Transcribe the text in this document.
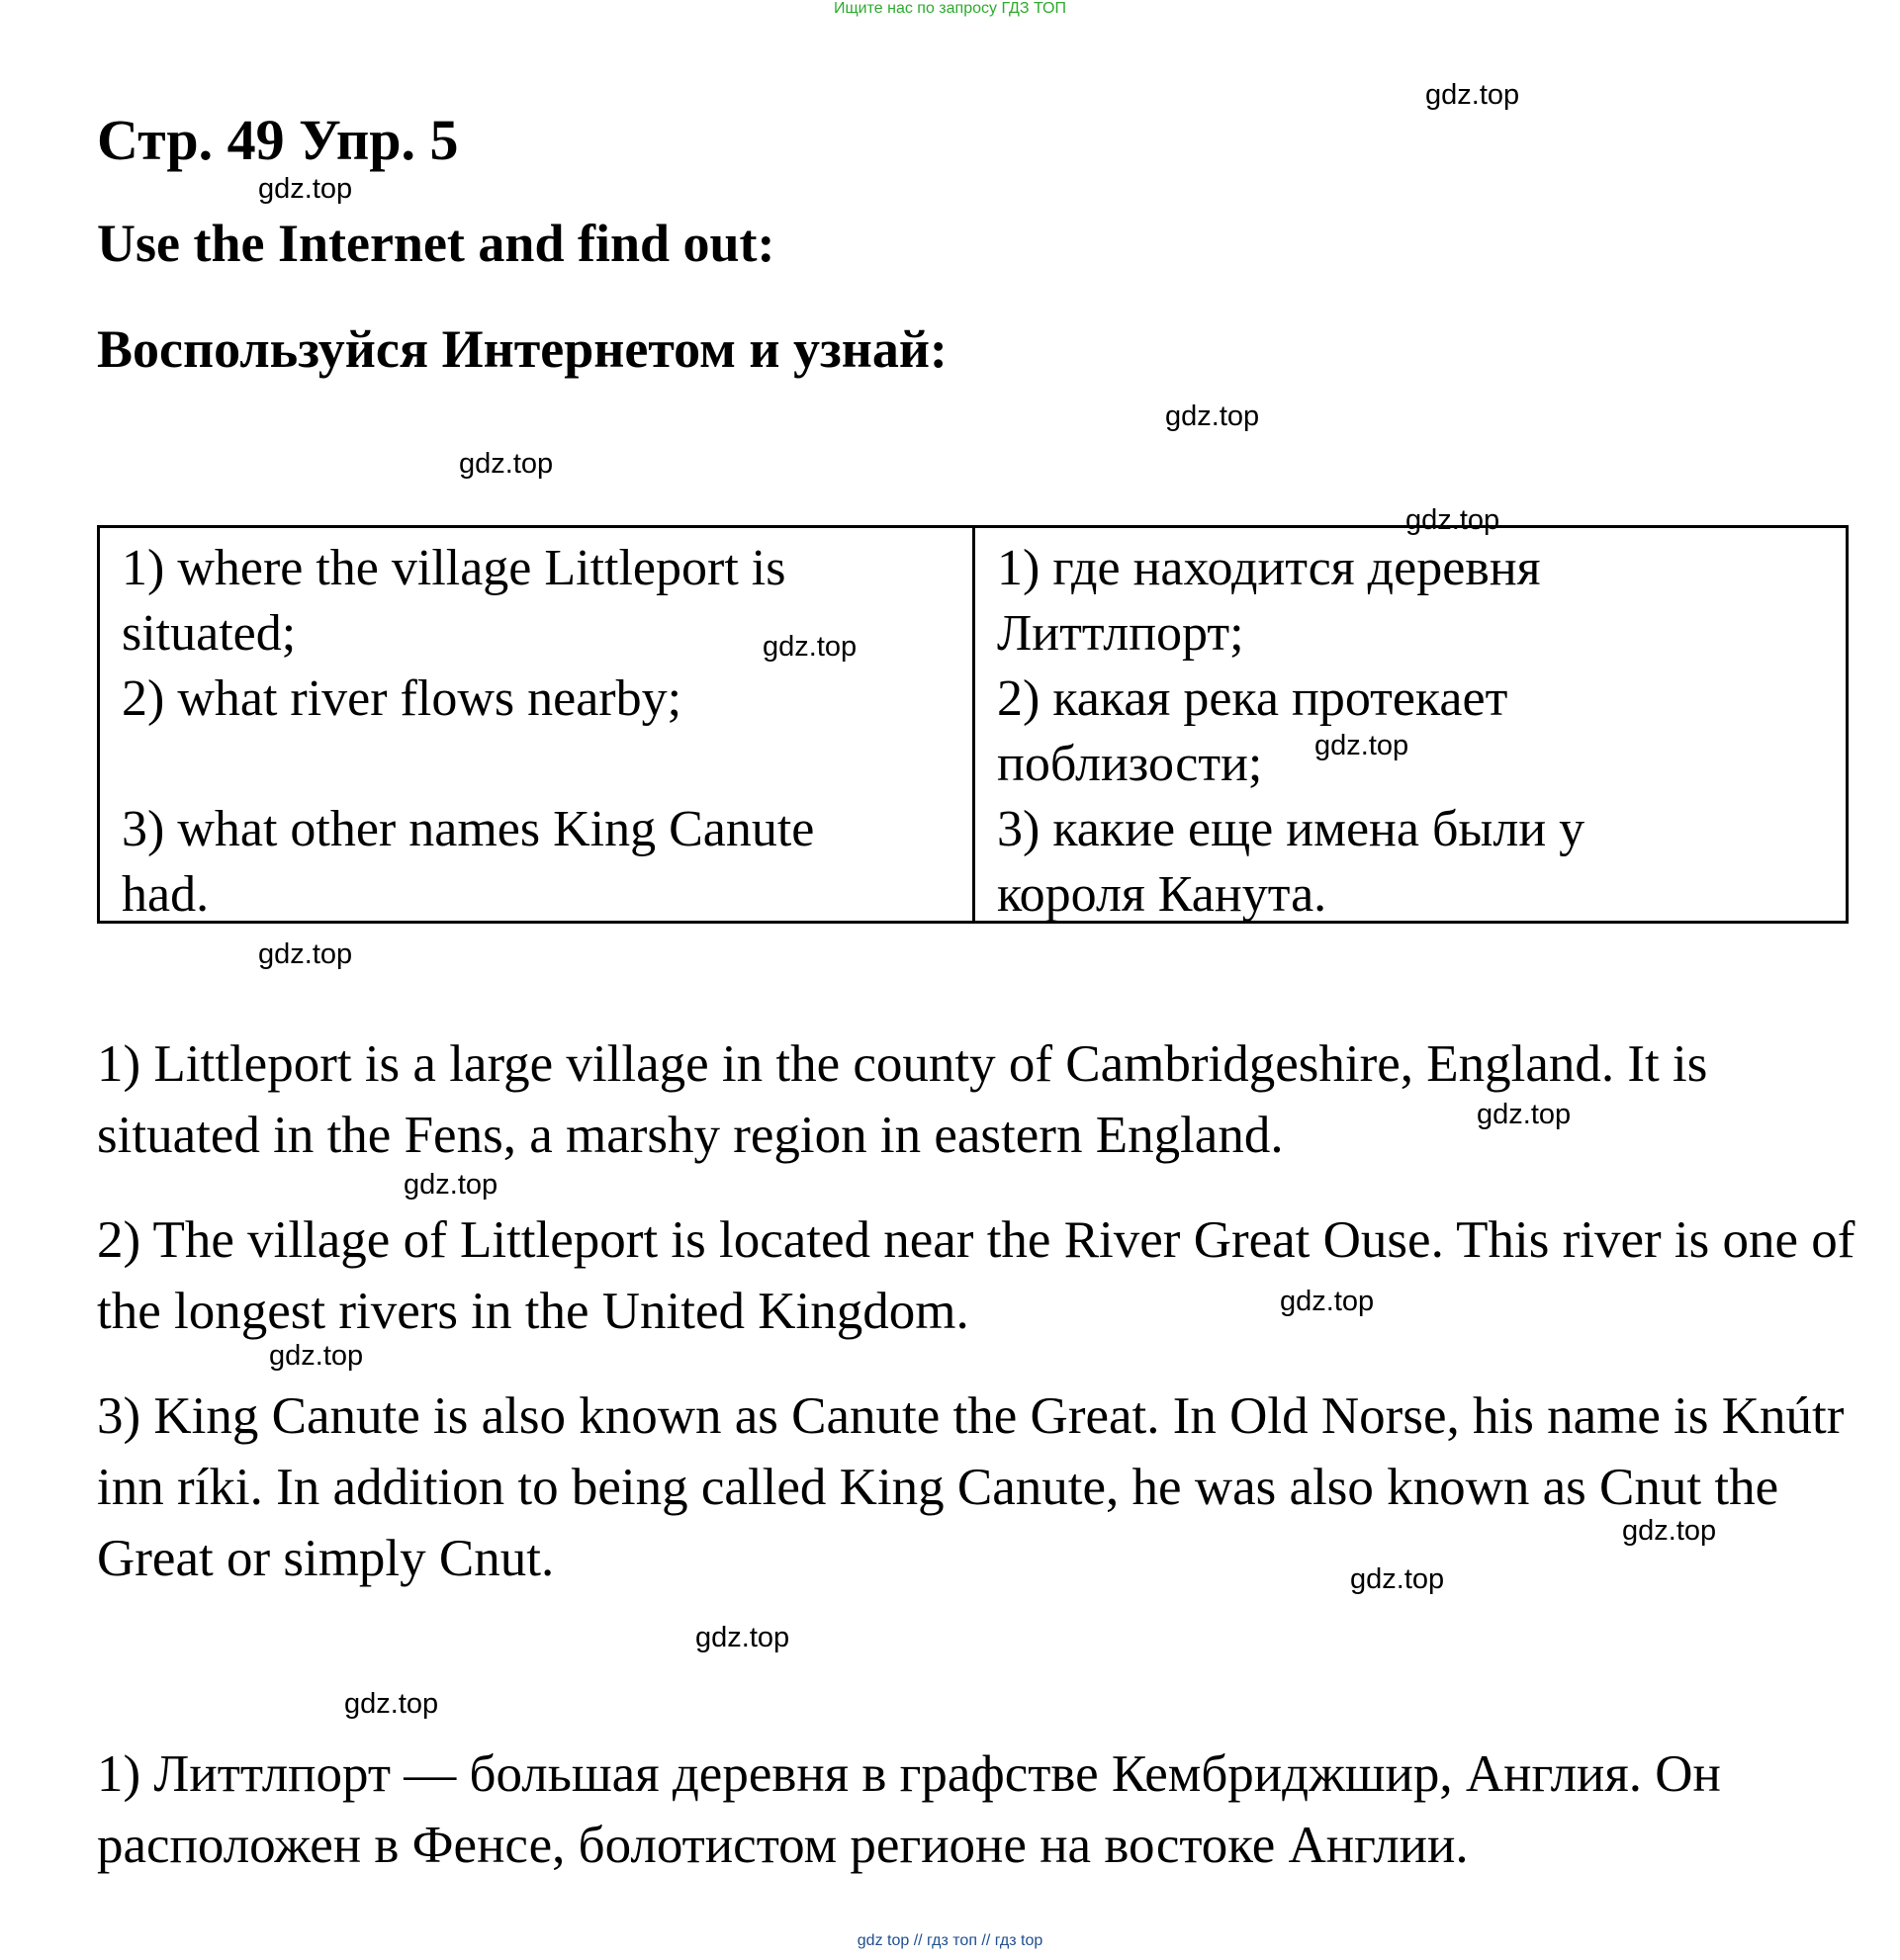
Ищите нас по запросу ГДЗ ТОП
Стр. 49 Упр. 5
Use the Internet and find out:
Воспользуйся Интернетом и узнай:
1) where the village Littleport is
situated;
2) what river flows nearby;

3) what other names King Canute
had.
1) где находится деревня
Литтлпорт;
2) какая река протекает
поблизости;
3) какие еще имена были у
короля Канута.
1) Littleport is a large village in the county of Cambridgeshire, England. It is situated in the Fens, a marshy region in eastern England.
2) The village of Littleport is located near the River Great Ouse. This river is one of the longest rivers in the United Kingdom.
3) King Canute is also known as Canute the Great. In Old Norse, his name is Knútr inn ríki. In addition to being called King Canute, he was also known as Cnut the Great or simply Cnut.
1) Литтлпорт — большая деревня в графстве Кембриджшир, Англия. Он расположен в Фенсе, болотистом регионе на востоке Англии.
gdz.top
gdz.top
gdz.top
gdz.top
gdz.top
gdz.top
gdz.top
gdz.top
gdz.top
gdz.top
gdz.top
gdz.top
gdz.top
gdz.top
gdz.top
gdz.top
gdz top // гдз топ // гдз top
